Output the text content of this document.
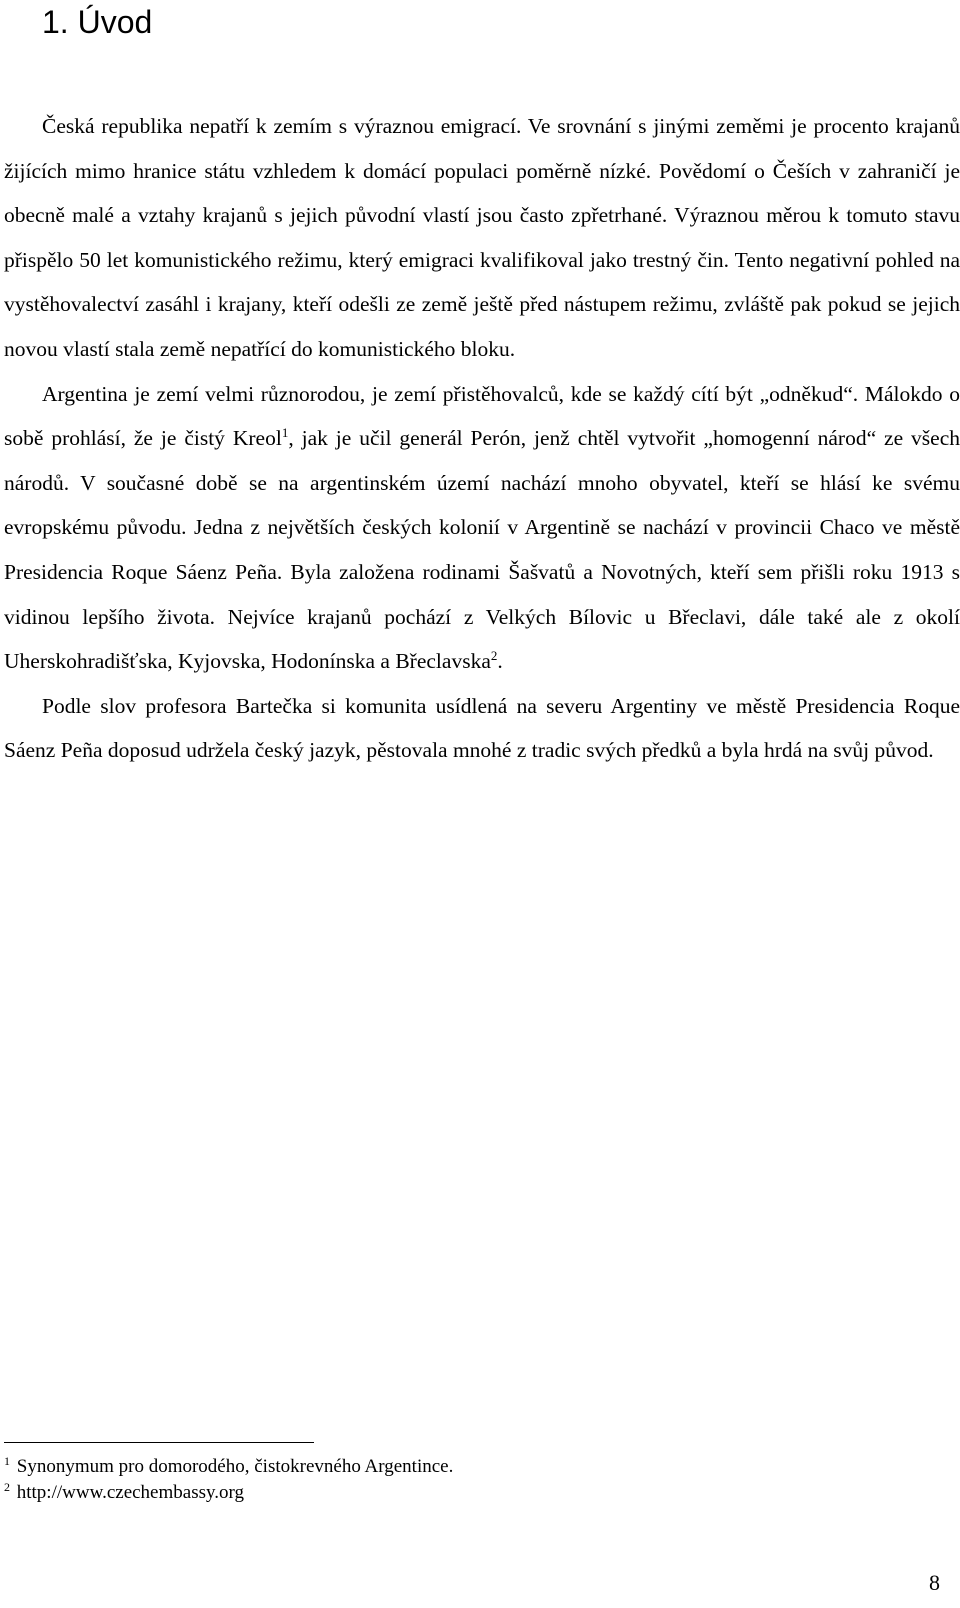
1. Úvod

Česká republika nepatří k zemím s výraznou emigrací. Ve srovnání s jinými zeměmi je procento krajanů žijících mimo hranice státu vzhledem k domácí populaci poměrně nízké. Povědomí o Češích v zahraničí je obecně malé a vztahy krajanů s jejich původní vlastí jsou často zpřetrhané. Výraznou měrou k tomuto stavu přispělo 50 let komunistického režimu, který emigraci kvalifikoval jako trestný čin. Tento negativní pohled na vystěhovalectví zasáhl i krajany, kteří odešli ze země ještě před nástupem režimu, zvláště pak pokud se jejich novou vlastí stala země nepatřící do komunistického bloku.

Argentina je zemí velmi různorodou, je zemí přistěhovalců, kde se každý cítí být „odněkud“. Málokdo o sobě prohlásí, že je čistý Kreol$^1$, jak je učil generál Perón, jenž chtěl vytvořit „homogenní národ“ ze všech národů. V současné době se na argentinském území nachází mnoho obyvatel, kteří se hlásí ke svému evropskému původu. Jedna z největších českých kolonií v Argentině se nachází v provincii Chaco ve městě Presidencia Roque Sáenz Peña. Byla založena rodinami Šašvatů a Novotných, kteří sem přišli roku 1913 s vidinou lepšího života. Nejvíce krajanů pochází z Velkých Bílovic u Břeclavi, dále také ale z okolí Uherskohradišťska, Kyjovska, Hodonínska a Břeclavska$^2$.

Podle slov profesora Bartečka si komunita usídlená na severu Argentiny ve městě Presidencia Roque Sáenz Peña doposud udržela český jazyk, pěstovala mnohé z tradic svých předků a byla hrdá na svůj původ.

$^1$ Synonymum pro domorodého, čistokrevného Argentince.

$^2$ http://www.czechembassy.org

8
